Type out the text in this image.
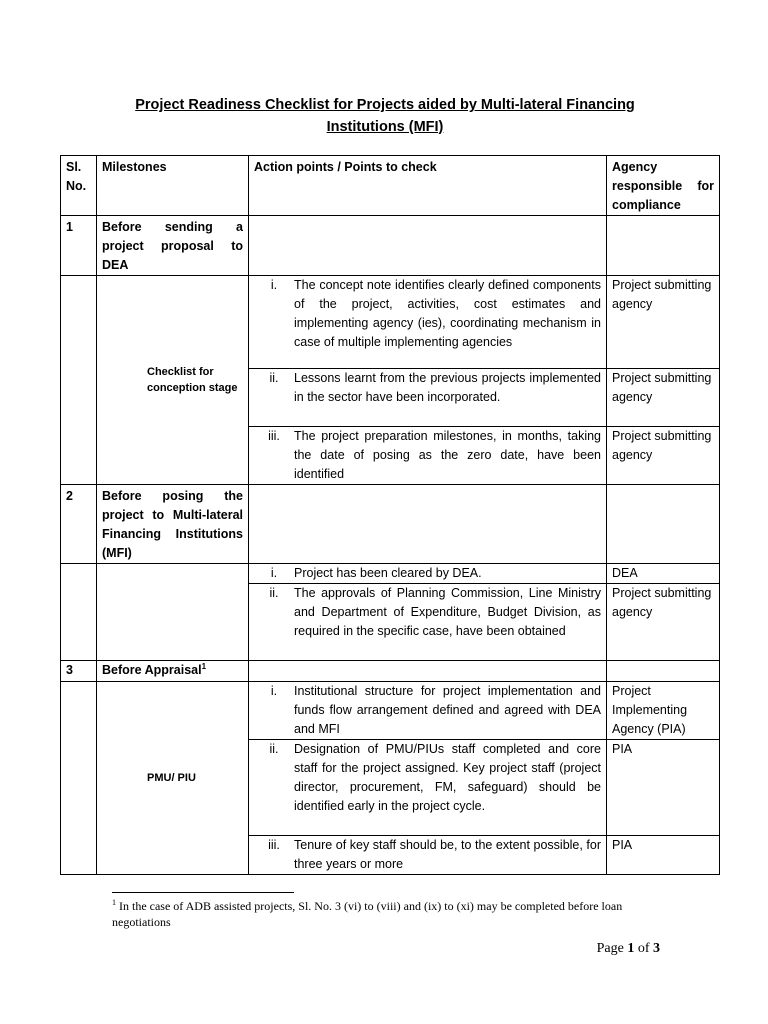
Project Readiness Checklist for Projects aided by Multi-lateral Financing
Institutions (MFI)
Sl. No.	Milestones	Action points / Points to check	Agency responsible for compliance
1	Before sending a project proposal to DEA		
	Checklist for conception stage	i. The concept note identifies clearly defined components of the project, activities, cost estimates and implementing agency (ies), coordinating mechanism in case of multiple implementing agencies	Project submitting agency

		ii. Lessons learnt from the previous projects implemented in the sector have been incorporated.	Project submitting agency

		iii. The project preparation milestones, in months, taking the date of posing as the zero date, have been identified	Project submitting agency
2	Before posing the project to Multi-lateral Financing Institutions (MFI)		

		i. Project has been cleared by DEA.	DEA

		ii. The approvals of Planning Commission, Line Ministry and Department of Expenditure, Budget Division, as required in the specific case, have been obtained	Project submitting agency
3	Before Appraisal$^1$		
	PMU/ PIU	i. Institutional structure for project implementation and funds flow arrangement defined and agreed with DEA and MFI	Project Implementing Agency (PIA)

		ii. Designation of PMU/PIUs staff completed and core staff for the project assigned. Key project staff (project director, procurement, FM, safeguard) should be identified early in the project cycle.	PIA

		iii. Tenure of key staff should be, to the extent possible, for three years or more	PIA
$^1$ In the case of ADB assisted projects, Sl. No. 3 (vi) to (viii) and (ix) to (xi) may be completed before loan negotiations
Page 1 of 3
